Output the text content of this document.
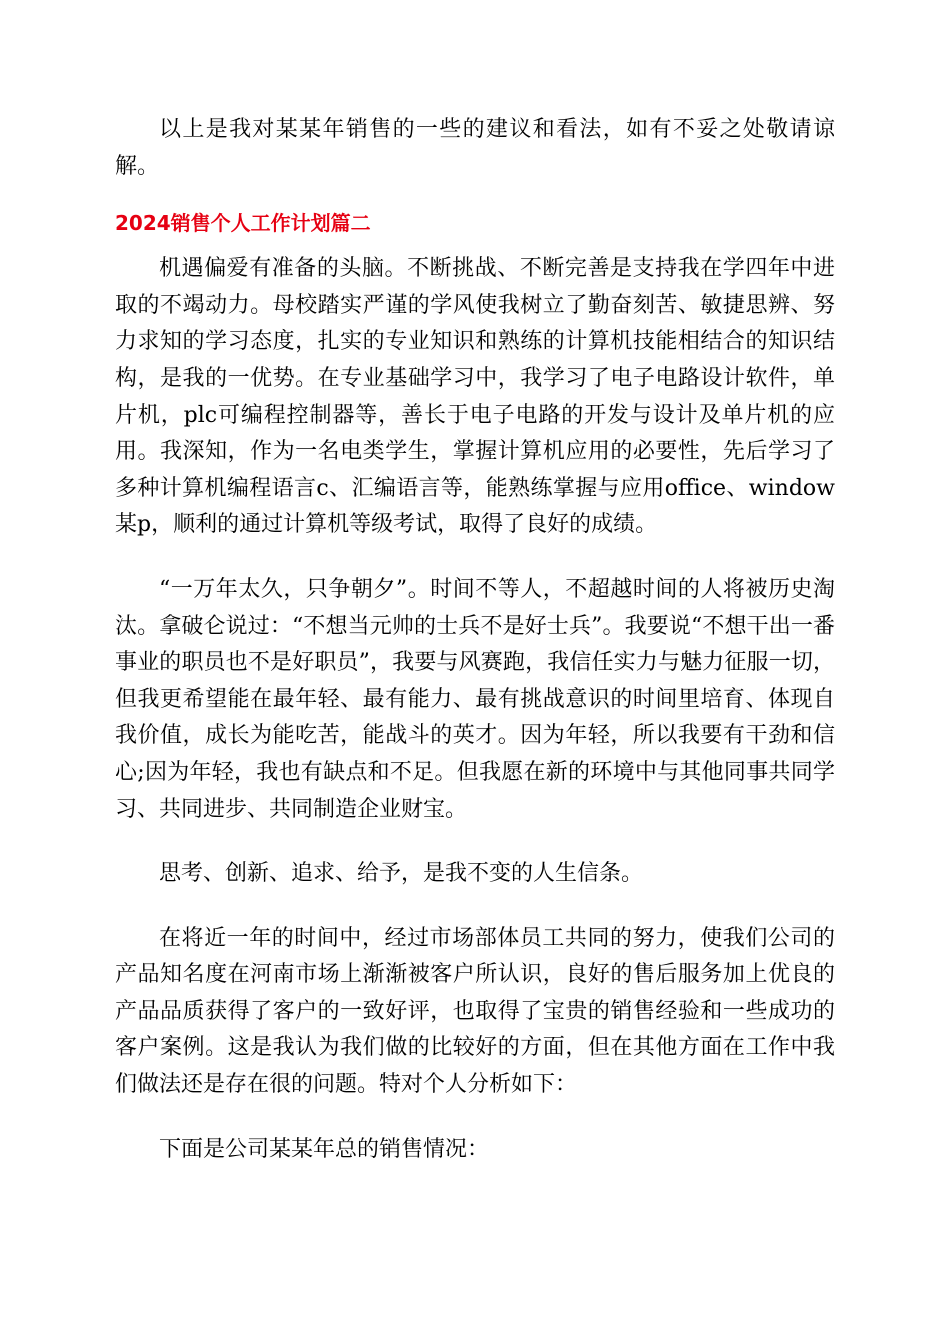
以上是我对某某年销售的一些的建议和看法，如有不妥之处敬请谅解。

2024销售个人工作计划篇二

机遇偏爱有准备的头脑。不断挑战、不断完善是支持我在学四年中进取的不竭动力。母校踏实严谨的学风使我树立了勤奋刻苦、敏捷思辨、努力求知的学习态度，扎实的专业知识和熟练的计算机技能相结合的知识结构，是我的一优势。在专业基础学习中，我学习了电子电路设计软件，单片机，plc可编程控制器等，善长于电子电路的开发与设计及单片机的应用。我深知，作为一名电类学生，掌握计算机应用的必要性，先后学习了多种计算机编程语言c、汇编语言等，能熟练掌握与应用office、window某p，顺利的通过计算机等级考试，取得了良好的成绩。

“一万年太久，只争朝夕”。时间不等人，不超越时间的人将被历史淘汰。拿破仑说过：“不想当元帅的士兵不是好士兵”。我要说“不想干出一番事业的职员也不是好职员”，我要与风赛跑，我信任实力与魅力征服一切，但我更希望能在最年轻、最有能力、最有挑战意识的时间里培育、体现自我价值，成长为能吃苦，能战斗的英才。因为年轻，所以我要有干劲和信心;因为年轻，我也有缺点和不足。但我愿在新的环境中与其他同事共同学习、共同进步、共同制造企业财宝。

思考、创新、追求、给予，是我不变的人生信条。

在将近一年的时间中，经过市场部体员工共同的努力，使我们公司的产品知名度在河南市场上渐渐被客户所认识，良好的售后服务加上优良的产品品质获得了客户的一致好评，也取得了宝贵的销售经验和一些成功的客户案例。这是我认为我们做的比较好的方面，但在其他方面在工作中我们做法还是存在很的问题。特对个人分析如下：

下面是公司某某年总的销售情况：
